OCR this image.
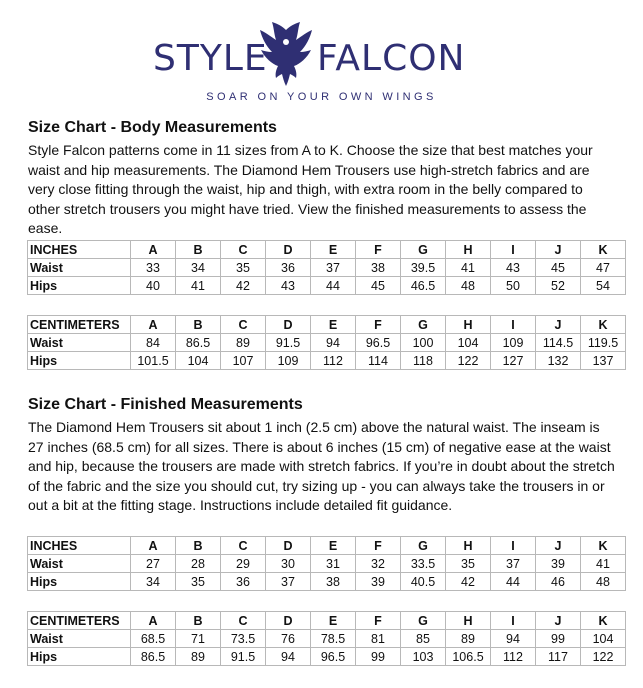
STYLE FALCON
SOAR ON YOUR OWN WINGS
Size Chart - Body Measurements

Style Falcon patterns come in 11 sizes from A to K. Choose the size that best matches your waist and hip measurements. The Diamond Hem Trousers use high-stretch fabrics and are very close fitting through the waist, hip and thigh, with extra room in the belly compared to other stretch trousers you might have tried. View the finished measurements to assess the ease.

INCHES	A	B	C	D	E	F	G	H	I	J	K
Waist	33	34	35	36	37	38	39.5	41	43	45	47
Hips	40	41	42	43	44	45	46.5	48	50	52	54
CENTIMETERS	A	B	C	D	E	F	G	H	I	J	K
Waist	84	86.5	89	91.5	94	96.5	100	104	109	114.5	119.5
Hips	101.5	104	107	109	112	114	118	122	127	132	137
Size Chart - Finished Measurements

The Diamond Hem Trousers sit about 1 inch (2.5 cm) above the natural waist. The inseam is 27 inches (68.5 cm) for all sizes. There is about 6 inches (15 cm) of negative ease at the waist and hip, because the trousers are made with stretch fabrics. If you’re in doubt about the stretch of the fabric and the size you should cut, try sizing up - you can always take the trousers in or out a bit at the fitting stage. Instructions include detailed fit guidance.

INCHES	A	B	C	D	E	F	G	H	I	J	K
Waist	27	28	29	30	31	32	33.5	35	37	39	41
Hips	34	35	36	37	38	39	40.5	42	44	46	48
CENTIMETERS	A	B	C	D	E	F	G	H	I	J	K
Waist	68.5	71	73.5	76	78.5	81	85	89	94	99	104
Hips	86.5	89	91.5	94	96.5	99	103	106.5	112	117	122
